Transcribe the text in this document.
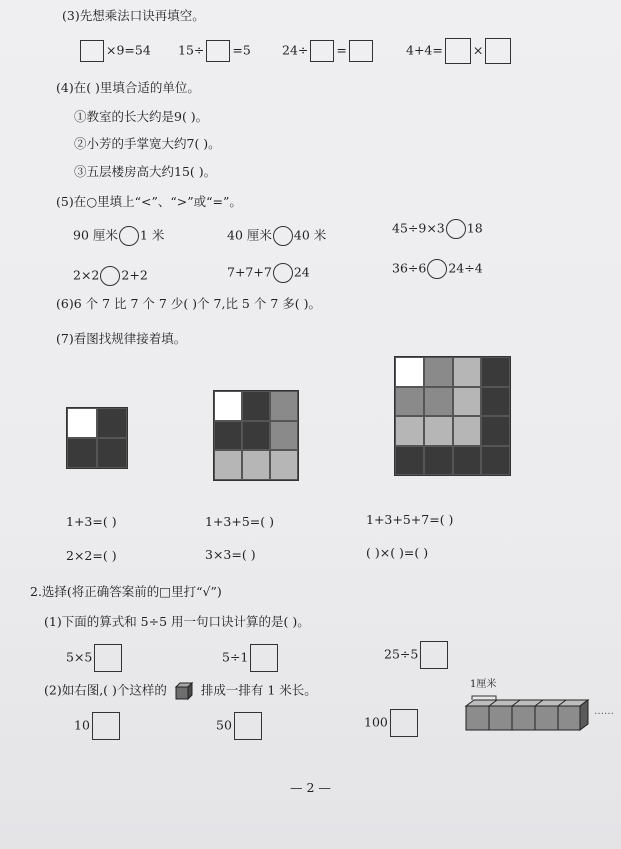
(3)先想乘法口诀再填空。
×9=54 15÷ =5 24÷ =	4+4= ×
(4)在( )里填合适的单位。
①教室的长大约是9( )。
②小芳的手掌宽大约7( )。
③五层楼房高大约15( )。
(5)在○里填上“<”、“>”或“=”。
90 厘米 1 米	40 厘米 40 米	45÷9×3 18
2×2 2+2	7+7+7 24	36÷6 24÷4
(6)6 个 7 比 7 个 7 少( )个 7,比 5 个 7 多( )。
(7)看图找规律接着填。
1+3=( )	1+3+5=( )	1+3+5+7=( )
2×2=( )	3×3=( )	( )×( )=( )
2.选择(将正确答案前的□里打“√”)
(1)下面的算式和 5÷5 用一句口诀计算的是( )。
5×5	5÷1	25÷5
(2)如右图,( )个这样的	排成一排有 1 米长。
10	50	100
1厘米
……
— 2 —
